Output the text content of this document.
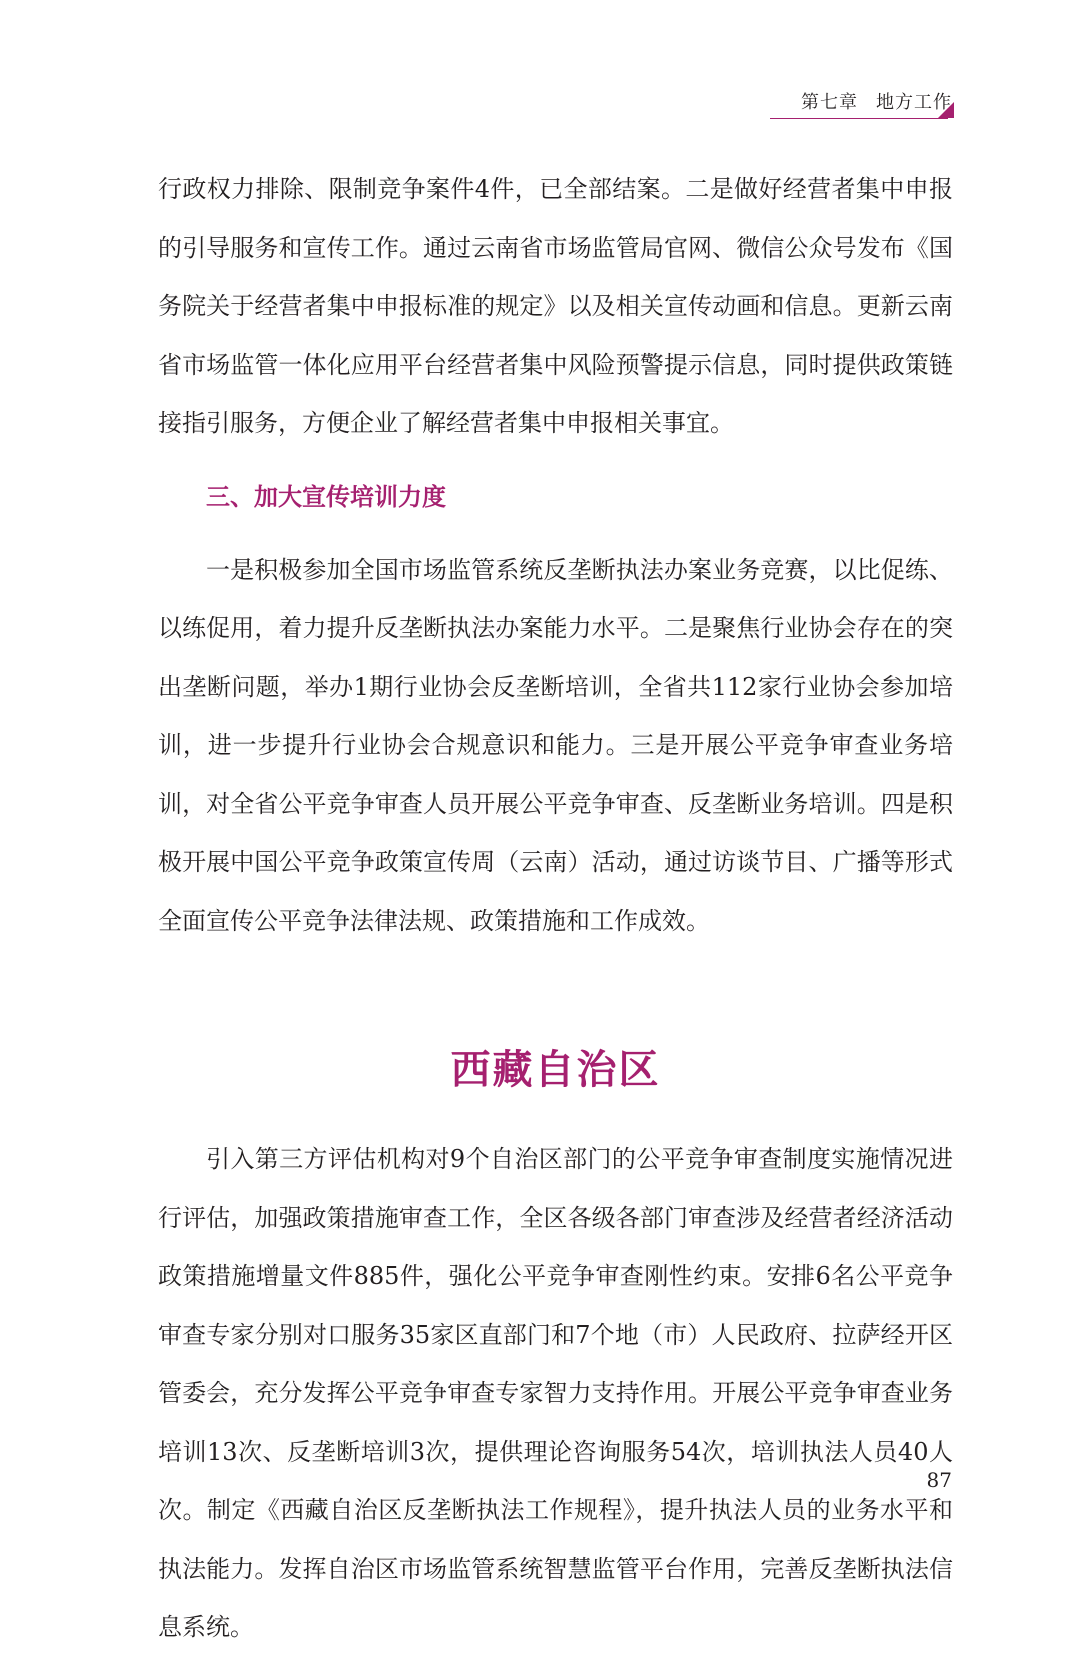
第七章 地方工作

行政权力排除、限制竞争案件4件，已全部结案。二是做好经营者集中申报的引导服务和宣传工作。通过云南省市场监管局官网、微信公众号发布《国务院关于经营者集中申报标准的规定》以及相关宣传动画和信息。更新云南省市场监管一体化应用平台经营者集中风险预警提示信息，同时提供政策链接指引服务，方便企业了解经营者集中申报相关事宜。

三、加大宣传培训力度

一是积极参加全国市场监管系统反垄断执法办案业务竞赛，以比促练、以练促用，着力提升反垄断执法办案能力水平。二是聚焦行业协会存在的突出垄断问题，举办1期行业协会反垄断培训，全省共112家行业协会参加培训，进一步提升行业协会合规意识和能力。三是开展公平竞争审查业务培训，对全省公平竞争审查人员开展公平竞争审查、反垄断业务培训。四是积极开展中国公平竞争政策宣传周（云南）活动，通过访谈节目、广播等形式全面宣传公平竞争法律法规、政策措施和工作成效。

西藏自治区

引入第三方评估机构对9个自治区部门的公平竞争审查制度实施情况进行评估，加强政策措施审查工作，全区各级各部门审查涉及经营者经济活动政策措施增量文件885件，强化公平竞争审查刚性约束。安排6名公平竞争审查专家分别对口服务35家区直部门和7个地（市）人民政府、拉萨经开区管委会，充分发挥公平竞争审查专家智力支持作用。开展公平竞争审查业务培训13次、反垄断培训3次，提供理论咨询服务54次，培训执法人员40人次。制定《西藏自治区反垄断执法工作规程》，提升执法人员的业务水平和执法能力。发挥自治区市场监管系统智慧监管平台作用，完善反垄断执法信息系统。

87
